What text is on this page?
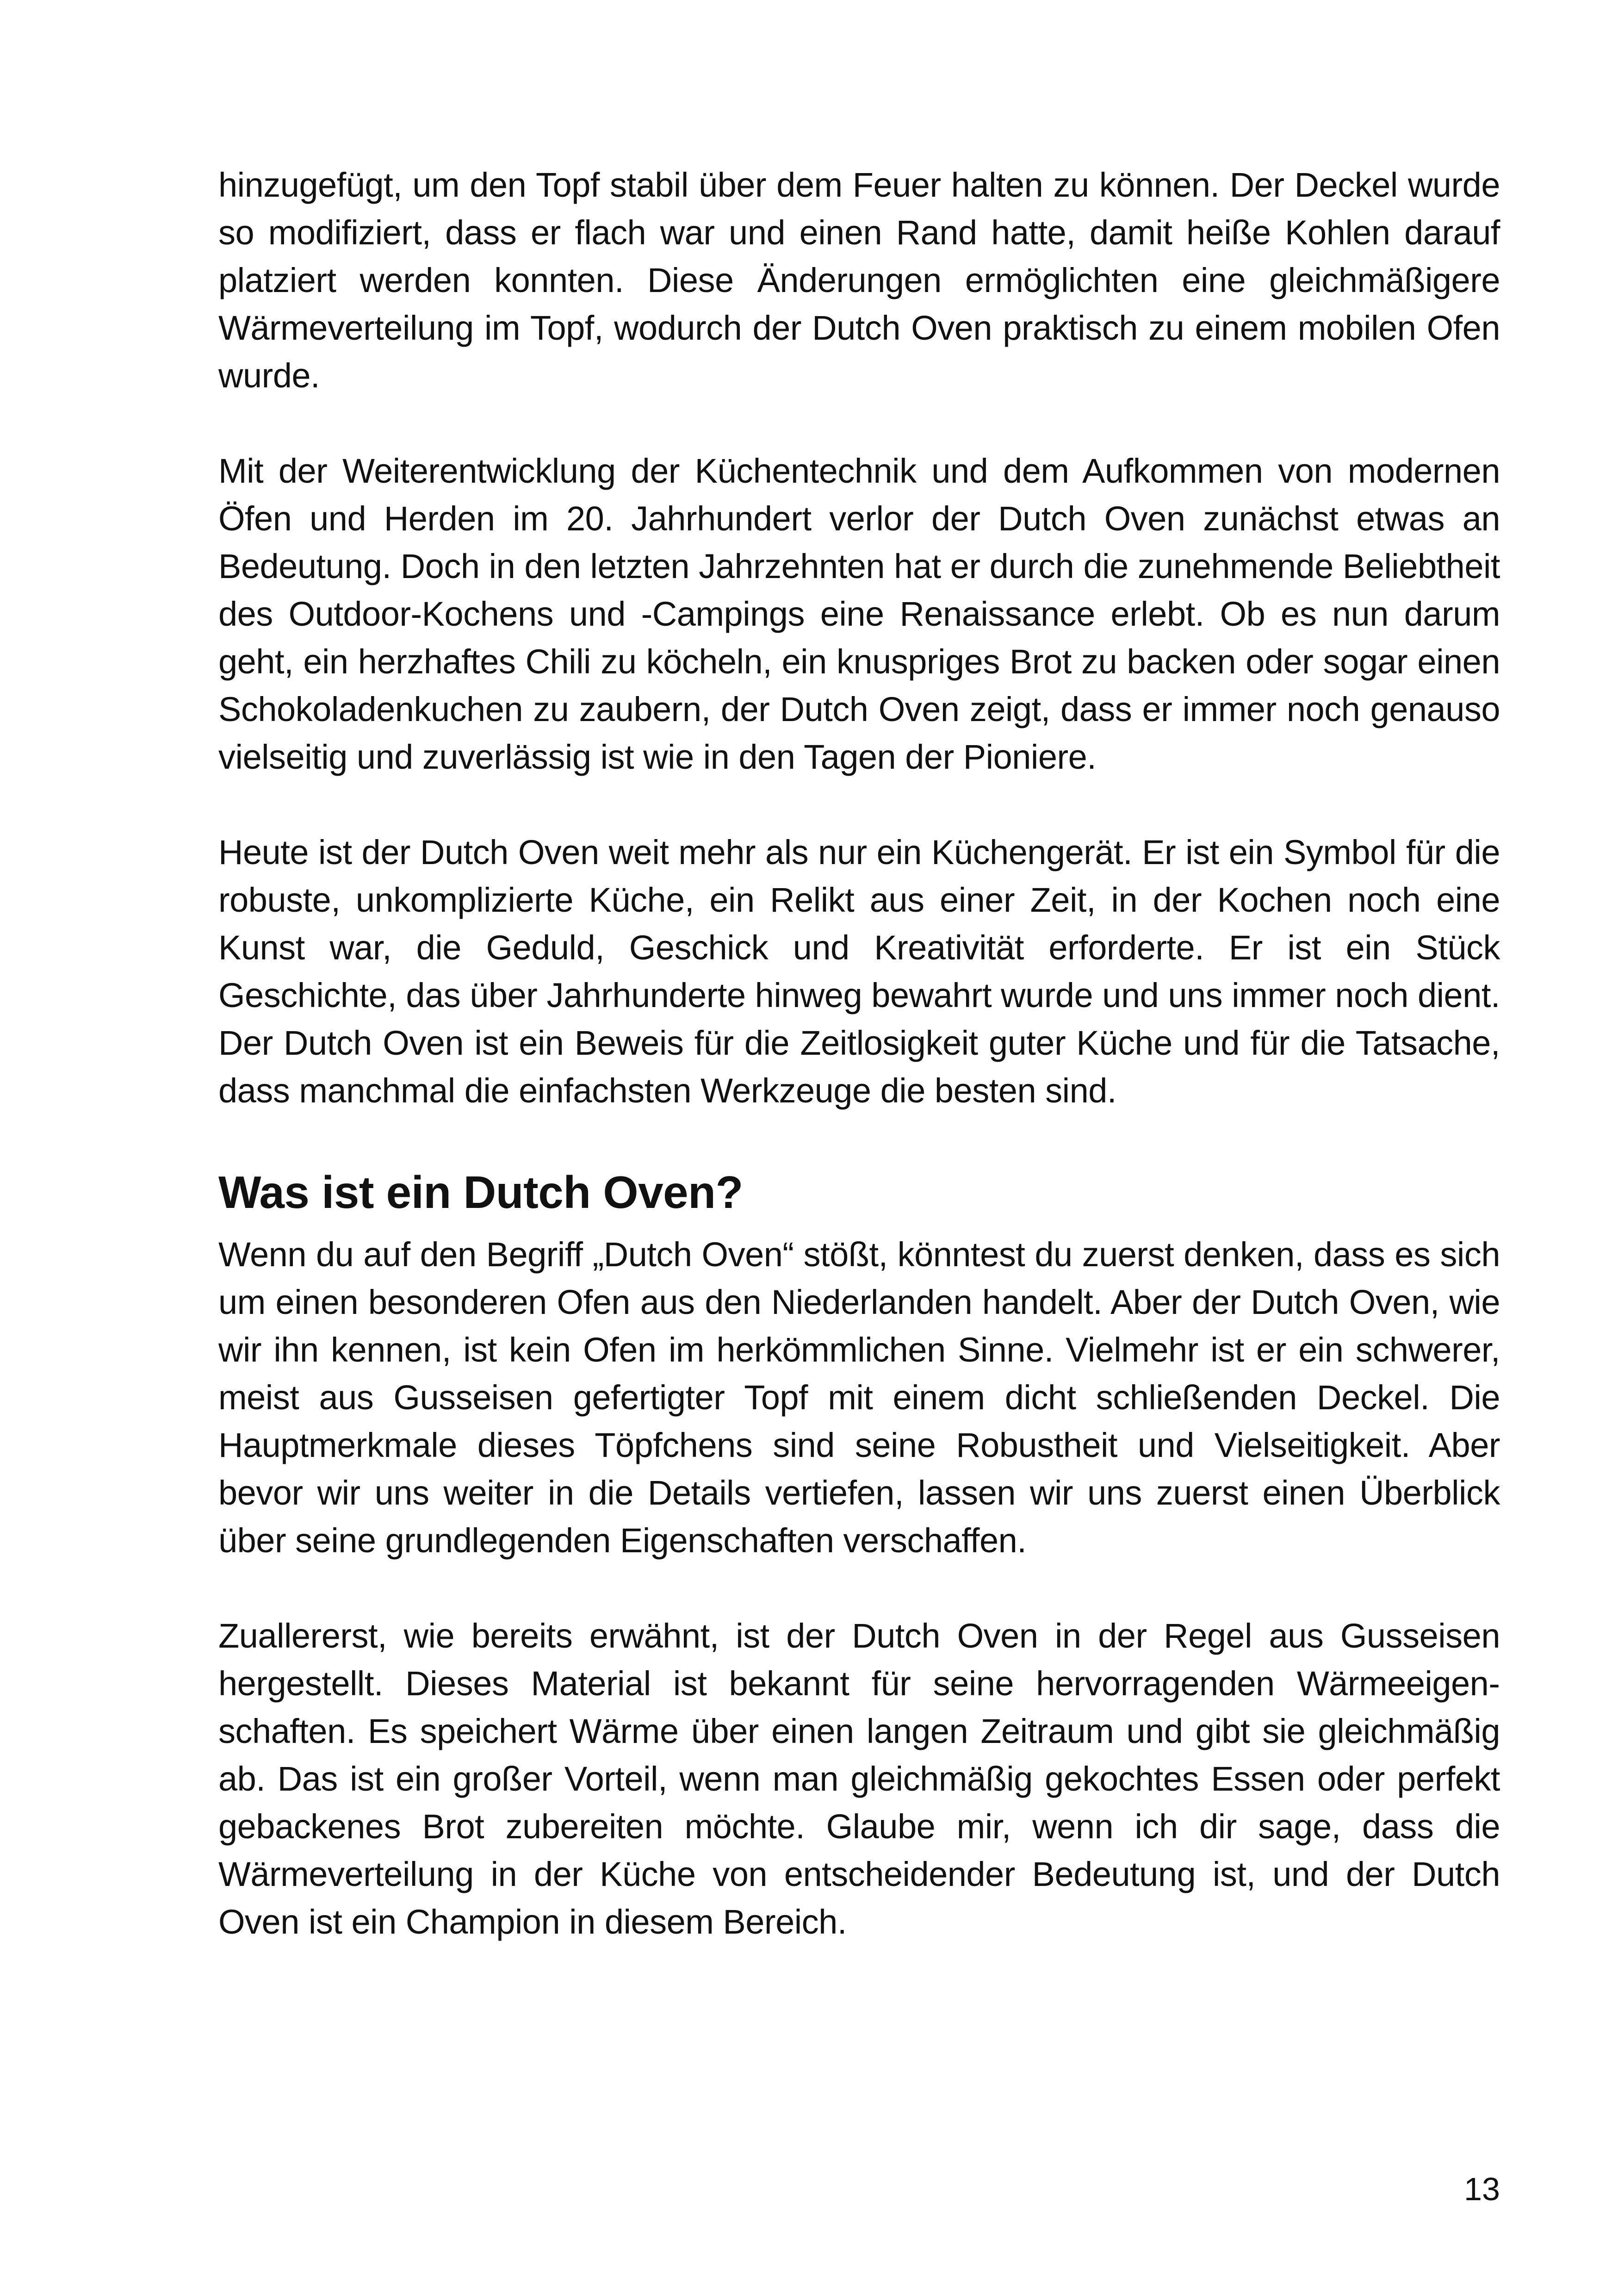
hinzugefügt, um den Topf stabil über dem Feuer halten zu können. Der Deckel wurde so modifiziert, dass er flach war und einen Rand hatte, damit heiße Kohlen darauf platziert werden konnten. Diese Änderungen ermöglichten eine gleichmäßigere Wärmeverteilung im Topf, wodurch der Dutch Oven praktisch zu einem mobilen Ofen wurde.

Mit der Weiterentwicklung der Küchentechnik und dem Aufkommen von modernen Öfen und Herden im 20. Jahrhundert verlor der Dutch Oven zunächst etwas an Bedeutung. Doch in den letzten Jahrzehnten hat er durch die zunehmende Beliebtheit des Outdoor-Kochens und -Campings eine Renaissance erlebt. Ob es nun darum geht, ein herzhaftes Chili zu köcheln, ein knuspriges Brot zu backen oder sogar einen Schokoladenkuchen zu zaubern, der Dutch Oven zeigt, dass er immer noch genauso vielseitig und zuverlässig ist wie in den Tagen der Pioniere.

Heute ist der Dutch Oven weit mehr als nur ein Küchengerät. Er ist ein Symbol für die robuste, unkomplizierte Küche, ein Relikt aus einer Zeit, in der Kochen noch eine Kunst war, die Geduld, Geschick und Kreativität erforderte. Er ist ein Stück Geschichte, das über Jahrhunderte hinweg bewahrt wurde und uns immer noch dient. Der Dutch Oven ist ein Beweis für die Zeitlosigkeit guter Küche und für die Tatsache, dass manchmal die einfachsten Werkzeuge die besten sind.

Was ist ein Dutch Oven?

Wenn du auf den Begriff „Dutch Oven“ stößt, könntest du zuerst denken, dass es sich um einen besonderen Ofen aus den Niederlanden handelt. Aber der Dutch Oven, wie wir ihn kennen, ist kein Ofen im herkömmlichen Sinne. Vielmehr ist er ein schwerer, meist aus Gusseisen gefertigter Topf mit einem dicht schließenden Deckel. Die Hauptmerkmale dieses Töpfchens sind seine Robustheit und Vielseitigkeit. Aber bevor wir uns weiter in die Details vertiefen, lassen wir uns zuerst einen Überblick über seine grundlegenden Eigenschaften verschaffen.

Zuallererst, wie bereits erwähnt, ist der Dutch Oven in der Regel aus Gusseisen hergestellt. Dieses Material ist bekannt für seine hervorragenden Wärmeeigenschaften. Es speichert Wärme über einen langen Zeitraum und gibt sie gleichmäßig ab. Das ist ein großer Vorteil, wenn man gleichmäßig gekochtes Essen oder perfekt gebackenes Brot zubereiten möchte. Glaube mir, wenn ich dir sage, dass die Wärmeverteilung in der Küche von entscheidender Bedeutung ist, und der Dutch Oven ist ein Champion in diesem Bereich.

13
